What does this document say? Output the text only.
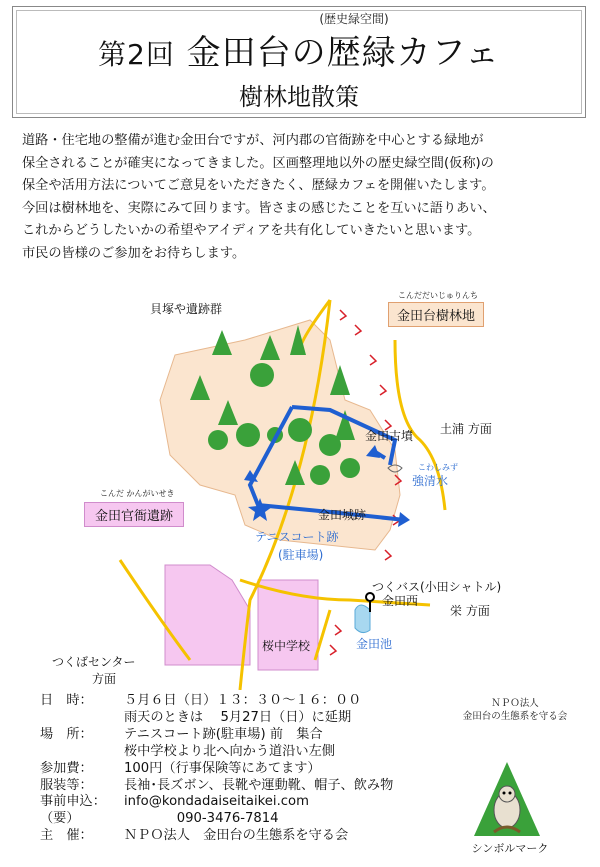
(歴史緑空間)
第2回 金田台の歴緑カフェ
樹林地散策

道路・住宅地の整備が進む金田台ですが、河内郡の官衙跡を中心とする緑地が

保全されることが確実になってきました。区画整理地以外の歴史緑空間(仮称)の

保全や活用方法についてご意見をいただきたく、歴緑カフェを開催いたします。

今回は樹林地を、実際にみて回ります。皆さまの感じたことを互いに語りあい、

これからどうしたいかの希望やアイディアを共有化していきたいと思います。

市民の皆様のご参加をお待ちします。

貝塚や遺跡群
こんだだいじゅりんち
金田台樹林地
土浦 方面
金田古墳
こわしみず
強清水
こんだ かんがいせき
金田官衙遺跡	金田城跡
テニスコート跡
(駐車場)
つくバス(小田シャトル)
金田西
栄 方面
金田池
桜中学校
つくばセンター
方面
日　時：	５月６日（日）１３：３０～１６：００
雨天のときは　 5月27日（日）に延期
場　所：	テニスコート跡(駐車場) 前　集合
桜中学校より北へ向かう道沿い左側
参加費：	100円（行事保険等にあてます）
服装等：	長袖･長ズボン、長靴や運動靴、帽子、飲み物
事前申込：	info@kondadaiseitaikei.com
（要）	　　　　090-3476-7814
主　催：	ＮＰＯ法人　金田台の生態系を守る会
ＮＰＯ法人
金田台の生態系を守る会
シンボルマーク
